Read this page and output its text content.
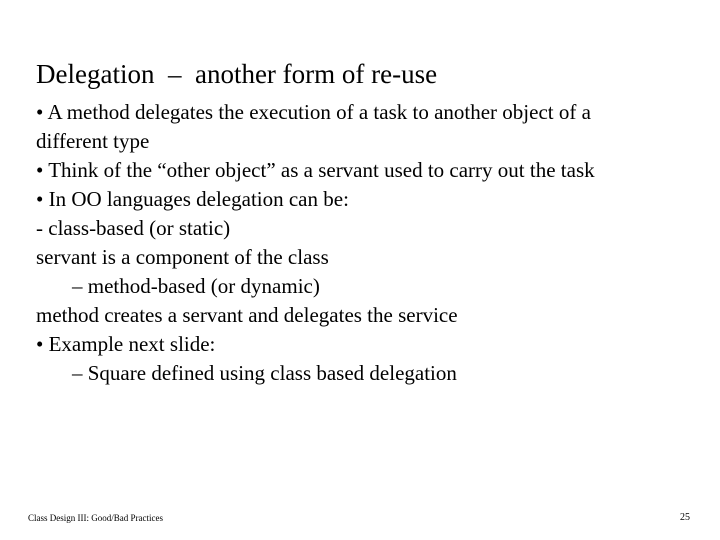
Delegation  –  another form of re-use
• A method delegates the execution of a task to another object of a
different type
• Think of the “other object” as a servant used to carry out the task
• In OO languages delegation can be:
- class-based (or static)
servant is a component of the class
– method-based (or dynamic)
method creates a servant and delegates the service
• Example next slide:
– Square defined using class based delegation
Class Design III: Good/Bad Practices	25
